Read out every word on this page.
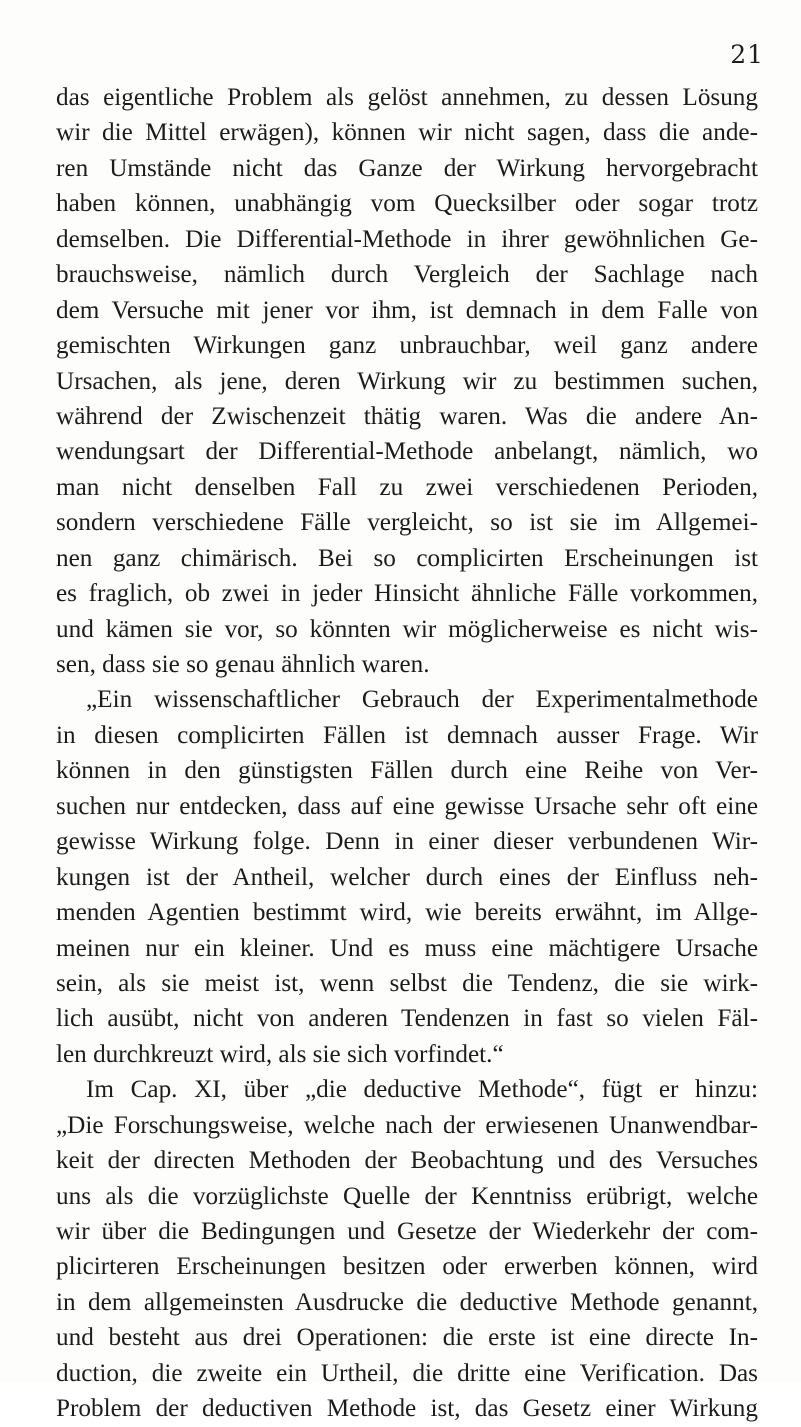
21
das eigentliche Problem als gelöst annehmen, zu dessen Lösung
wir die Mittel erwägen), können wir nicht sagen, dass die ande-
ren Umstände nicht das Ganze der Wirkung hervorgebracht
haben können, unabhängig vom Quecksilber oder sogar trotz
demselben. Die Differential-Methode in ihrer gewöhnlichen Ge-
brauchsweise, nämlich durch Vergleich der Sachlage nach
dem Versuche mit jener vor ihm, ist demnach in dem Falle von
gemischten Wirkungen ganz unbrauchbar, weil ganz andere
Ursachen, als jene, deren Wirkung wir zu bestimmen suchen,
während der Zwischenzeit thätig waren. Was die andere An-
wendungsart der Differential-Methode anbelangt, nämlich, wo
man nicht denselben Fall zu zwei verschiedenen Perioden,
sondern verschiedene Fälle vergleicht, so ist sie im Allgemei-
nen ganz chimärisch. Bei so complicirten Erscheinungen ist
es fraglich, ob zwei in jeder Hinsicht ähnliche Fälle vorkommen,
und kämen sie vor, so könnten wir möglicherweise es nicht wis-
sen, dass sie so genau ähnlich waren.
„Ein wissenschaftlicher Gebrauch der Experimentalmethode
in diesen complicirten Fällen ist demnach ausser Frage. Wir
können in den günstigsten Fällen durch eine Reihe von Ver-
suchen nur entdecken, dass auf eine gewisse Ursache sehr oft eine
gewisse Wirkung folge. Denn in einer dieser verbundenen Wir-
kungen ist der Antheil, welcher durch eines der Einfluss neh-
menden Agentien bestimmt wird, wie bereits erwähnt, im Allge-
meinen nur ein kleiner. Und es muss eine mächtigere Ursache
sein, als sie meist ist, wenn selbst die Tendenz, die sie wirk-
lich ausübt, nicht von anderen Tendenzen in fast so vielen Fäl-
len durchkreuzt wird, als sie sich vorfindet.“
Im Cap. XI, über „die deductive Methode“, fügt er hinzu:
„Die Forschungsweise, welche nach der erwiesenen Unanwendbar-
keit der directen Methoden der Beobachtung und des Versuches
uns als die vorzüglichste Quelle der Kenntniss erübrigt, welche
wir über die Bedingungen und Gesetze der Wiederkehr der com-
plicirteren Erscheinungen besitzen oder erwerben können, wird
in dem allgemeinsten Ausdrucke die deductive Methode genannt,
und besteht aus drei Operationen: die erste ist eine directe In-
duction, die zweite ein Urtheil, die dritte eine Verification. Das
Problem der deductiven Methode ist, das Gesetz einer Wirkung
